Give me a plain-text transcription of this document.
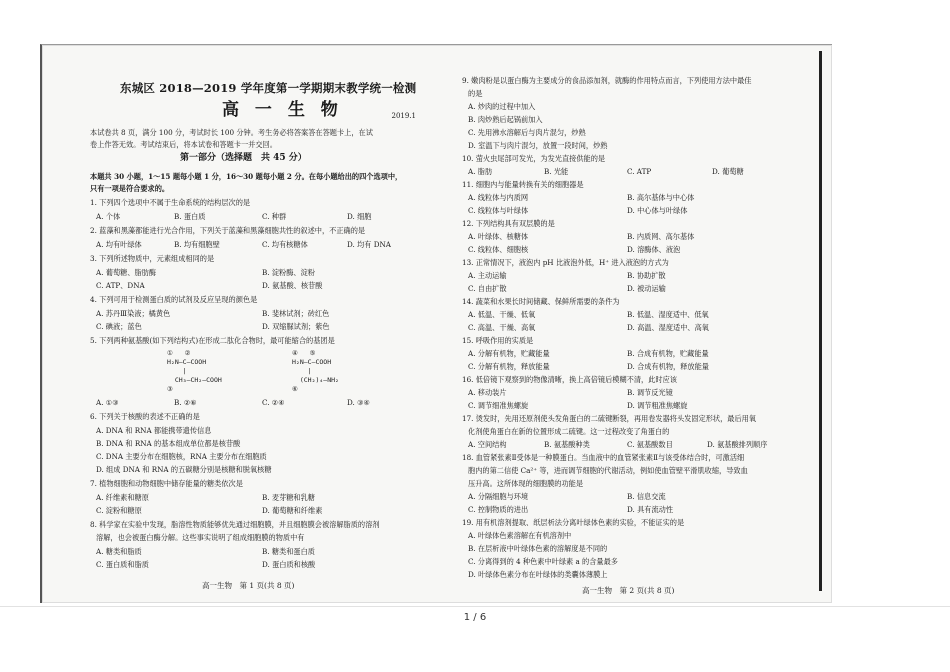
东城区 2018—2019 学年度第一学期期末教学统一检测
高 一 生 物	2019.1
本试卷共 8 页，满分 100 分，考试时长 100 分钟。考生务必将答案答在答题卡上，在试
卷上作答无效。考试结束后，将本试卷和答题卡一并交回。
第一部分（选择题　共 45 分）
本题共 30 小题，1～15 题每小题 1 分，16～30 题每小题 2 分。在每小题给出的四个选项中，
只有一项是符合要求的。
1. 下列四个选项中不属于生命系统的结构层次的是
A. 个体	B. 蛋白质	C. 种群	D. 细胞
2. 蓝藻和黑藻都能进行光合作用，下列关于蓝藻和黑藻细胞共性的叙述中，不正确的是
A. 均有叶绿体	B. 均有细胞壁	C. 均有核糖体	D. 均有 DNA
3. 下列所述物质中，元素组成相同的是
A. 葡萄糖、脂肪酶	B. 淀粉酶、淀粉
C. ATP、DNA	D. 氨基酸、核苷酸
4. 下列可用于检测蛋白质的试剂及反应呈现的颜色是
A. 苏丹Ⅲ染液；橘黄色	B. 斐林试剂；砖红色
C. 碘液；蓝色	D. 双缩脲试剂；紫色
5. 下列两种氨基酸(如下列结构式)在形成二肽化合物时，最可能缩合的基团是
①   ②
H₂N—C—COOH
|
CH₃—CH₂—COOH
③
④   ⑤
H₂N—C—COOH
|
(CH₂)₄—NH₂
⑥
A. ①③	B. ②⑥	C. ②④	D. ③④
6. 下列关于核酸的表述不正确的是
A. DNA 和 RNA 都能携带遗传信息
B. DNA 和 RNA 的基本组成单位都是核苷酸
C. DNA 主要分布在细胞核，RNA 主要分布在细胞质
D. 组成 DNA 和 RNA 的五碳糖分别是核糖和脱氧核糖
7. 植物细胞和动物细胞中储存能量的糖类依次是
A. 纤维素和糖原	B. 麦芽糖和乳糖
C. 淀粉和糖原	D. 葡萄糖和纤维素
8. 科学家在实验中发现，脂溶性物质能够优先通过细胞膜，并且细胞膜会被溶解脂质的溶剂
溶解，也会被蛋白酶分解。这些事实说明了组成细胞膜的物质中有
A. 糖类和脂质	B. 糖类和蛋白质
C. 蛋白质和脂质	D. 蛋白质和核酸
高一生物　第 1 页(共 8 页)
9. 嫩肉粉是以蛋白酶为主要成分的食品添加剂，就酶的作用特点而言，下列使用方法中最佳
的是
A. 炒肉的过程中加入
B. 肉炒熟后起锅前加入
C. 先用沸水溶解后与肉片混匀，炒熟
D. 室温下与肉片混匀，放置一段时间，炒熟
10. 萤火虫尾部可发光，为发光直接供能的是
A. 脂肪	B. 光能	C. ATP	D. 葡萄糖
11. 细胞内与能量转换有关的细胞器是
A. 线粒体与内质网	B. 高尔基体与中心体
C. 线粒体与叶绿体	D. 中心体与叶绿体
12. 下列结构具有双层膜的是
A. 叶绿体、核糖体	B. 内质网、高尔基体
C. 线粒体、细胞核	D. 溶酶体、液泡
13. 正常情况下，液泡内 pH 比液泡外低，H⁺ 进入液泡的方式为
A. 主动运输	B. 协助扩散
C. 自由扩散	D. 被动运输
14. 蔬菜和水果长时间储藏、保鲜所需要的条件为
A. 低温、干燥、低氧	B. 低温、湿度适中、低氧
C. 高温、干燥、高氧	D. 高温、湿度适中、高氧
15. 呼吸作用的实质是
A. 分解有机物，贮藏能量	B. 合成有机物，贮藏能量
C. 分解有机物，释放能量	D. 合成有机物，释放能量
16. 低倍镜下观察到的物像清晰，换上高倍镜后模糊不清，此时应该
A. 移动装片	B. 调节反光镜
C. 调节细准焦螺旋	D. 调节粗准焦螺旋
17. 烫发时，先用还原剂使头发角蛋白的二硫键断裂，再用卷发器将头发固定形状，最后用氧
化剂使角蛋白在新的位置形成二硫键。这一过程改变了角蛋白的
A. 空间结构	B. 氨基酸种类	C. 氨基酸数目	D. 氨基酸排列顺序
18. 血管紧张素Ⅱ受体是一种膜蛋白。当血液中的血管紧张素Ⅱ与该受体结合时，可激活细
胞内的第二信使 Ca²⁺ 等，进而调节细胞的代谢活动，例如使血管壁平滑肌收缩，导致血
压升高。这所体现的细胞膜的功能是
A. 分隔细胞与环境	B. 信息交流
C. 控制物质的进出	D. 具有流动性
19. 用有机溶剂提取、纸层析法分离叶绿体色素的实验，不能证实的是
A. 叶绿体色素溶解在有机溶剂中
B. 在层析液中叶绿体色素的溶解度是不同的
C. 分离得到的 4 种色素中叶绿素 a 的含量最多
D. 叶绿体色素分布在叶绿体的类囊体薄膜上
高一生物　第 2 页(共 8 页)
1 / 6
